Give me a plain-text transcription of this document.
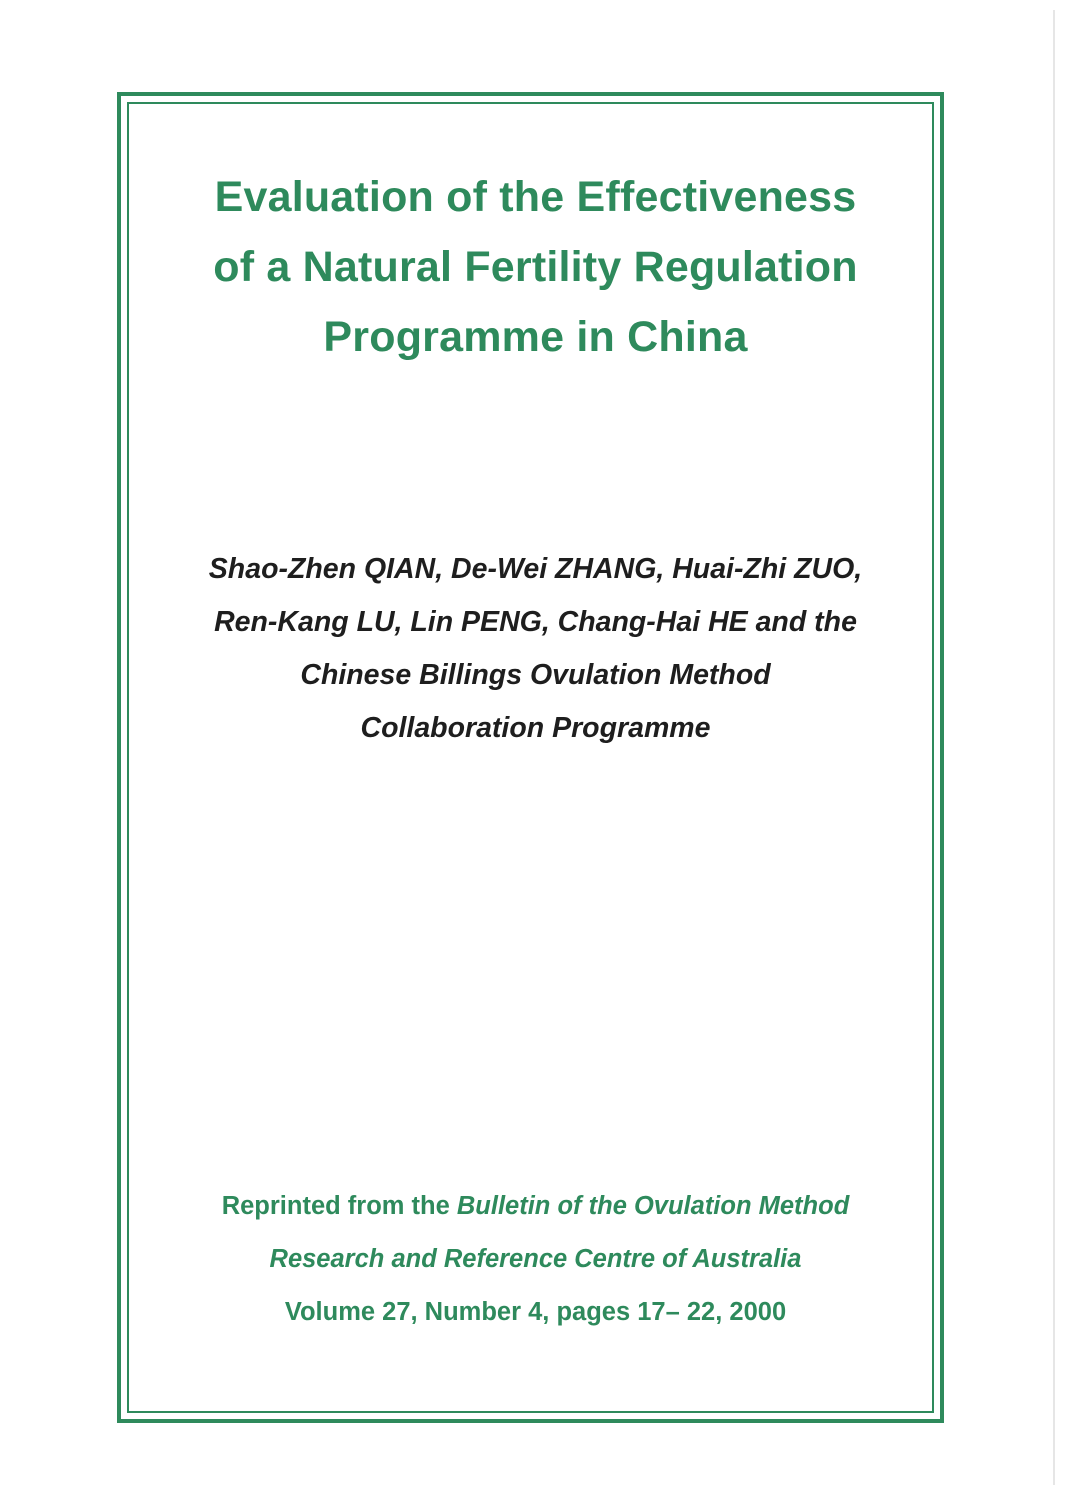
Evaluation of the Effectiveness
of a Natural Fertility Regulation
Programme in China
Shao-Zhen QIAN, De-Wei ZHANG, Huai-Zhi ZUO,
Ren-Kang LU, Lin PENG, Chang-Hai HE and the
Chinese Billings Ovulation Method
Collaboration Programme
Reprinted from the Bulletin of the Ovulation Method
Research and Reference Centre of Australia
Volume 27, Number 4, pages 17– 22, 2000
